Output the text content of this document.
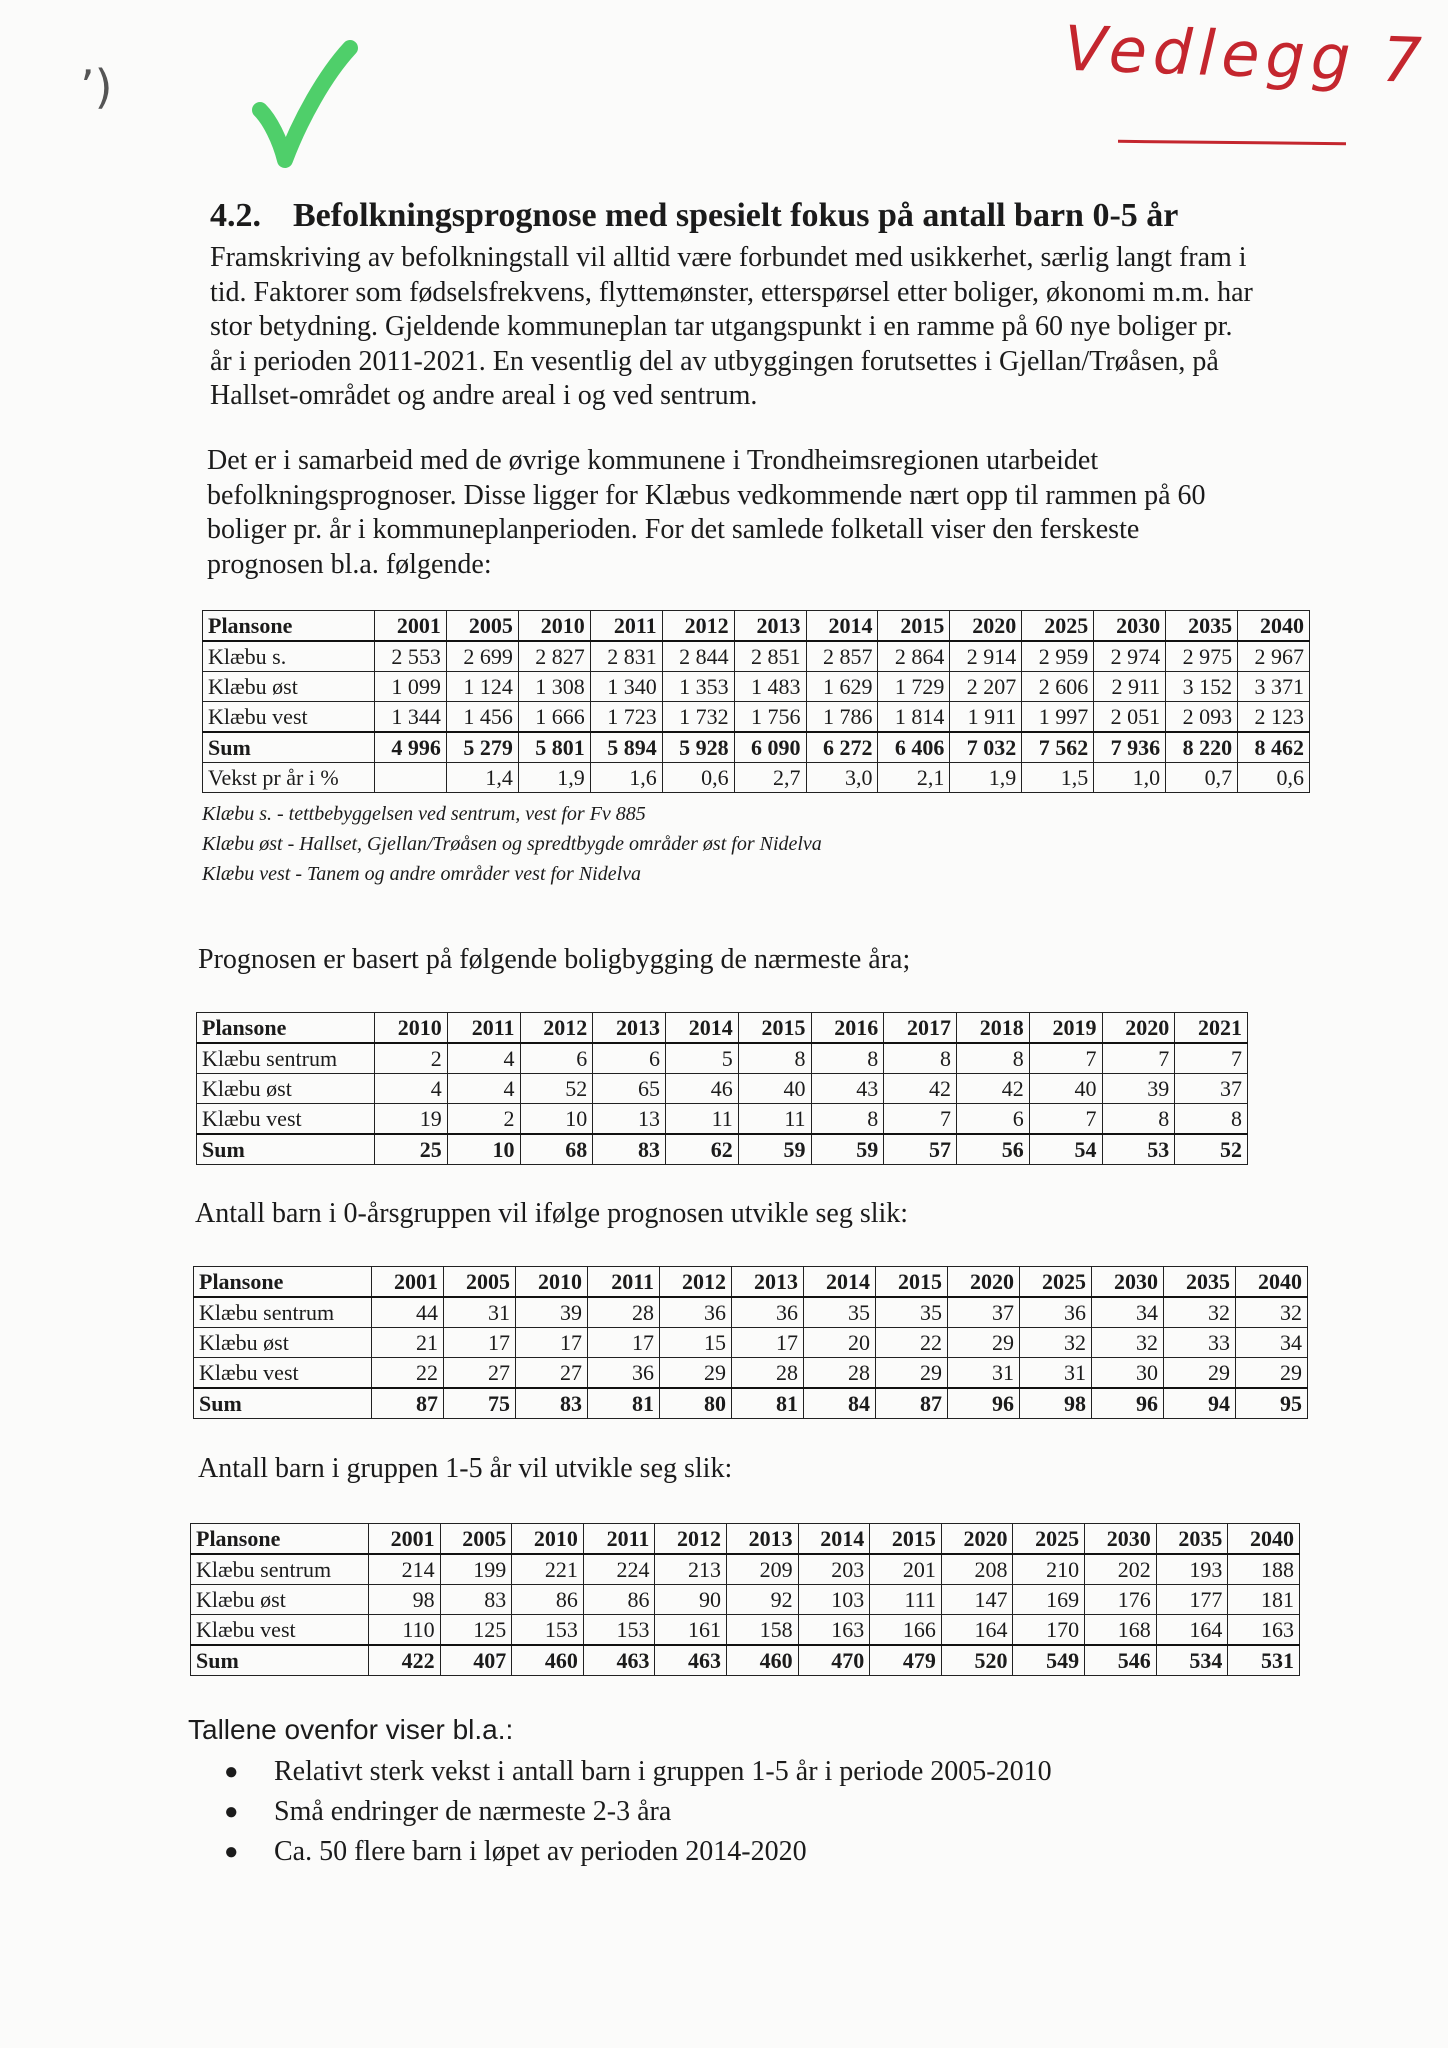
ʼ)	Vedlegg 7
4.2. Befolkningsprognose med spesielt fokus på antall barn 0-5 år
Framskriving av befolkningstall vil alltid være forbundet med usikkerhet, særlig langt fram i
tid. Faktorer som fødselsfrekvens, flyttemønster, etterspørsel etter boliger, økonomi m.m. har
stor betydning. Gjeldende kommuneplan tar utgangspunkt i en ramme på 60 nye boliger pr.
år i perioden 2011-2021. En vesentlig del av utbyggingen forutsettes i Gjellan/Trøåsen, på
Hallset-området og andre areal i og ved sentrum.
Det er i samarbeid med de øvrige kommunene i Trondheimsregionen utarbeidet
befolkningsprognoser. Disse ligger for Klæbus vedkommende nært opp til rammen på 60
boliger pr. år i kommuneplanperioden. For det samlede folketall viser den ferskeste
prognosen bl.a. følgende:
Plansone	2001	2005	2010	2011	2012	2013	2014	2015	2020	2025	2030	2035	2040
Klæbu s.	2 553	2 699	2 827	2 831	2 844	2 851	2 857	2 864	2 914	2 959	2 974	2 975	2 967
Klæbu øst	1 099	1 124	1 308	1 340	1 353	1 483	1 629	1 729	2 207	2 606	2 911	3 152	3 371
Klæbu vest	1 344	1 456	1 666	1 723	1 732	1 756	1 786	1 814	1 911	1 997	2 051	2 093	2 123
Sum	4 996	5 279	5 801	5 894	5 928	6 090	6 272	6 406	7 032	7 562	7 936	8 220	8 462
Vekst pr år i %		1,4	1,9	1,6	0,6	2,7	3,0	2,1	1,9	1,5	1,0	0,7	0,6
Klæbu s. - tettbebyggelsen ved sentrum, vest for Fv 885
Klæbu øst - Hallset, Gjellan/Trøåsen og spredtbygde områder øst for Nidelva
Klæbu vest - Tanem og andre områder vest for Nidelva
Prognosen er basert på følgende boligbygging de nærmeste åra;
Plansone	2010	2011	2012	2013	2014	2015	2016	2017	2018	2019	2020	2021
Klæbu sentrum	2	4	6	6	5	8	8	8	8	7	7	7
Klæbu øst	4	4	52	65	46	40	43	42	42	40	39	37
Klæbu vest	19	2	10	13	11	11	8	7	6	7	8	8
Sum	25	10	68	83	62	59	59	57	56	54	53	52
Antall barn i 0-årsgruppen vil ifølge prognosen utvikle seg slik:
Plansone	2001	2005	2010	2011	2012	2013	2014	2015	2020	2025	2030	2035	2040
Klæbu sentrum	44	31	39	28	36	36	35	35	37	36	34	32	32
Klæbu øst	21	17	17	17	15	17	20	22	29	32	32	33	34
Klæbu vest	22	27	27	36	29	28	28	29	31	31	30	29	29
Sum	87	75	83	81	80	81	84	87	96	98	96	94	95
Antall barn i gruppen 1-5 år vil utvikle seg slik:
Plansone	2001	2005	2010	2011	2012	2013	2014	2015	2020	2025	2030	2035	2040
Klæbu sentrum	214	199	221	224	213	209	203	201	208	210	202	193	188
Klæbu øst	98	83	86	86	90	92	103	111	147	169	176	177	181
Klæbu vest	110	125	153	153	161	158	163	166	164	170	168	164	163
Sum	422	407	460	463	463	460	470	479	520	549	546	534	531
Tallene ovenfor viser bl.a.:
● Relativt sterk vekst i antall barn i gruppen 1-5 år i periode 2005-2010
● Små endringer de nærmeste 2-3 åra
● Ca. 50 flere barn i løpet av perioden 2014-2020
